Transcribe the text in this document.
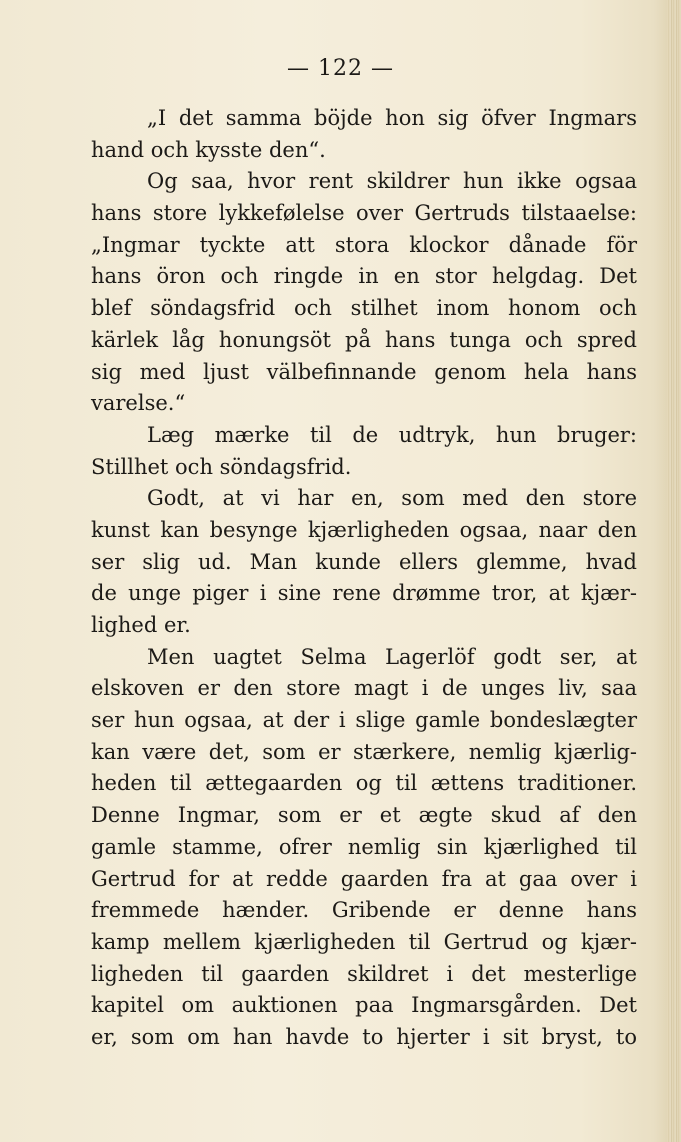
— 122 —
„I det samma böjde hon sig öfver Ingmars
hand och kysste den“.
Og saa, hvor rent skildrer hun ikke ogsaa
hans store lykkefølelse over Gertruds tilstaaelse:
„Ingmar tyckte att stora klockor dånade för
hans öron och ringde in en stor helgdag. Det
blef söndagsfrid och stilhet inom honom och
kärlek låg honungsöt på hans tunga och spred
sig med ljust välbefinnande genom hela hans
varelse.“
Læg mærke til de udtryk, hun bruger:
Stillhet och söndagsfrid.
Godt, at vi har en, som med den store
kunst kan besynge kjærligheden ogsaa, naar den
ser slig ud. Man kunde ellers glemme, hvad
de unge piger i sine rene drømme tror, at kjær-
lighed er.
Men uagtet Selma Lagerlöf godt ser, at
elskoven er den store magt i de unges liv, saa
ser hun ogsaa, at der i slige gamle bondeslægter
kan være det, som er stærkere, nemlig kjærlig-
heden til ættegaarden og til ættens traditioner.
Denne Ingmar, som er et ægte skud af den
gamle stamme, ofrer nemlig sin kjærlighed til
Gertrud for at redde gaarden fra at gaa over i
fremmede hænder. Gribende er denne hans
kamp mellem kjærligheden til Gertrud og kjær-
ligheden til gaarden skildret i det mesterlige
kapitel om auktionen paa Ingmarsgården. Det
er, som om han havde to hjerter i sit bryst, to
